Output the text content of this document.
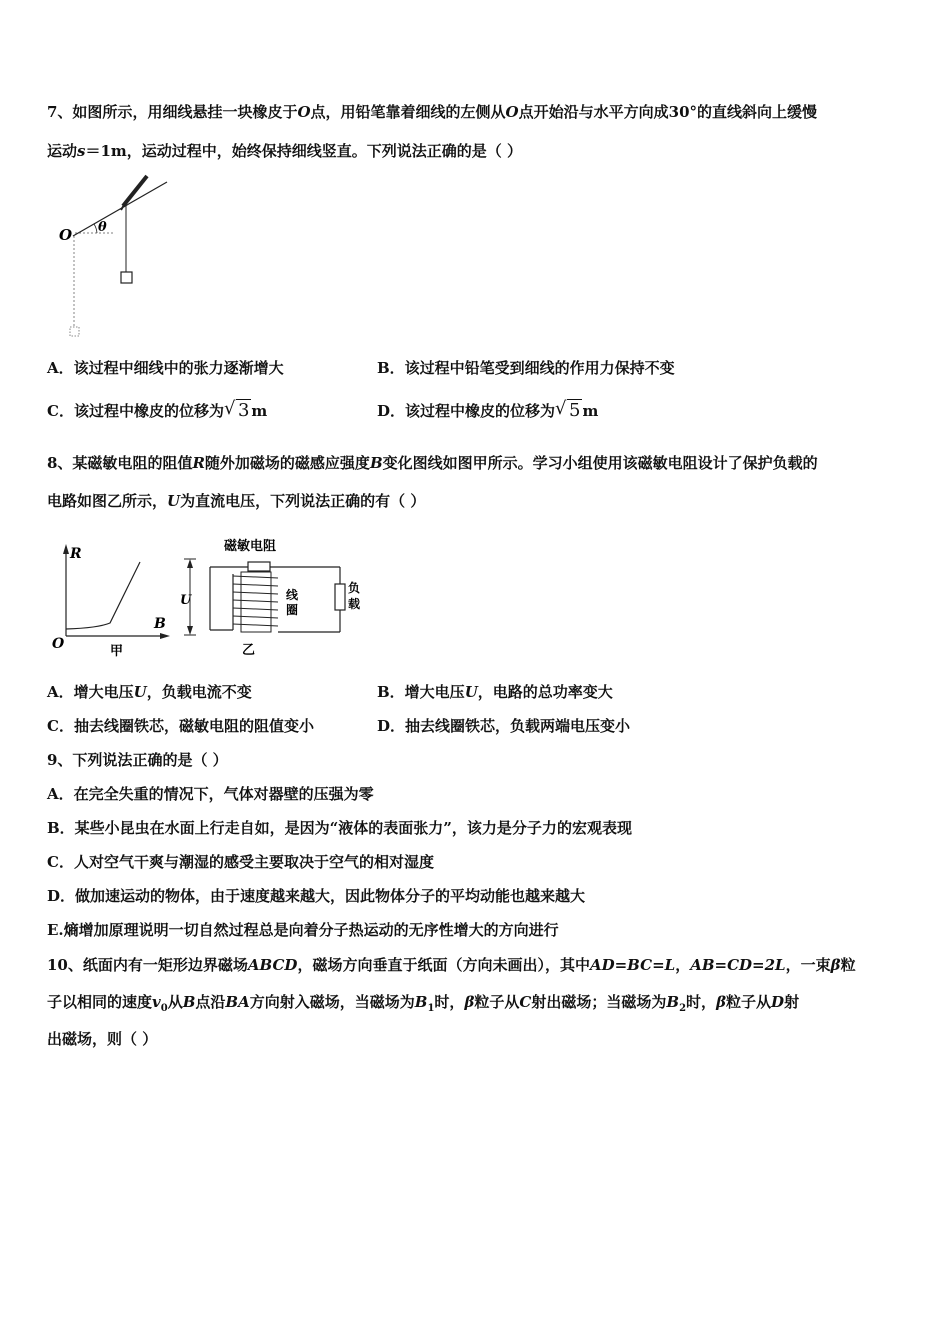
7、如图所示，用细线悬挂一块橡皮于O点，用铅笔靠着细线的左侧从O点开始沿与水平方向成30°的直线斜向上缓慢
运动s＝1m，运动过程中，始终保持细线竖直。下列说法正确的是（ ）
O θ
A．该过程中细线中的张力逐渐增大	B．该过程中铅笔受到细线的作用力保持不变
C．该过程中橡皮的位移为 √ 3 m	D．该过程中橡皮的位移为 √ 5 m
8、某磁敏电阻的阻值R随外加磁场的磁感应强度B变化图线如图甲所示。学习小组使用该磁敏电阻设计了保护负载的
电路如图乙所示，U为直流电压，下列说法正确的有（ ）
R
O
B
甲
磁敏电阻
线
圈
负
载
U
乙
A．增大电压U，负载电流不变	B．增大电压U，电路的总功率变大
C．抽去线圈铁芯，磁敏电阻的阻值变小	D．抽去线圈铁芯，负载两端电压变小
9、下列说法正确的是（ ）
A．在完全失重的情况下，气体对器壁的压强为零
B．某些小昆虫在水面上行走自如，是因为“液体的表面张力”，该力是分子力的宏观表现
C．人对空气干爽与潮湿的感受主要取决于空气的相对湿度
D．做加速运动的物体，由于速度越来越大，因此物体分子的平均动能也越来越大
E.熵增加原理说明一切自然过程总是向着分子热运动的无序性增大的方向进行
10、纸面内有一矩形边界磁场ABCD，磁场方向垂直于纸面（方向未画出），其中AD=BC=L，AB=CD=2L，一束β粒
子以相同的速度$v_0$从B点沿BA方向射入磁场，当磁场为$B_1$时，β粒子从C射出磁场；当磁场为$B_2$时，β粒子从D射
出磁场，则（ ）
